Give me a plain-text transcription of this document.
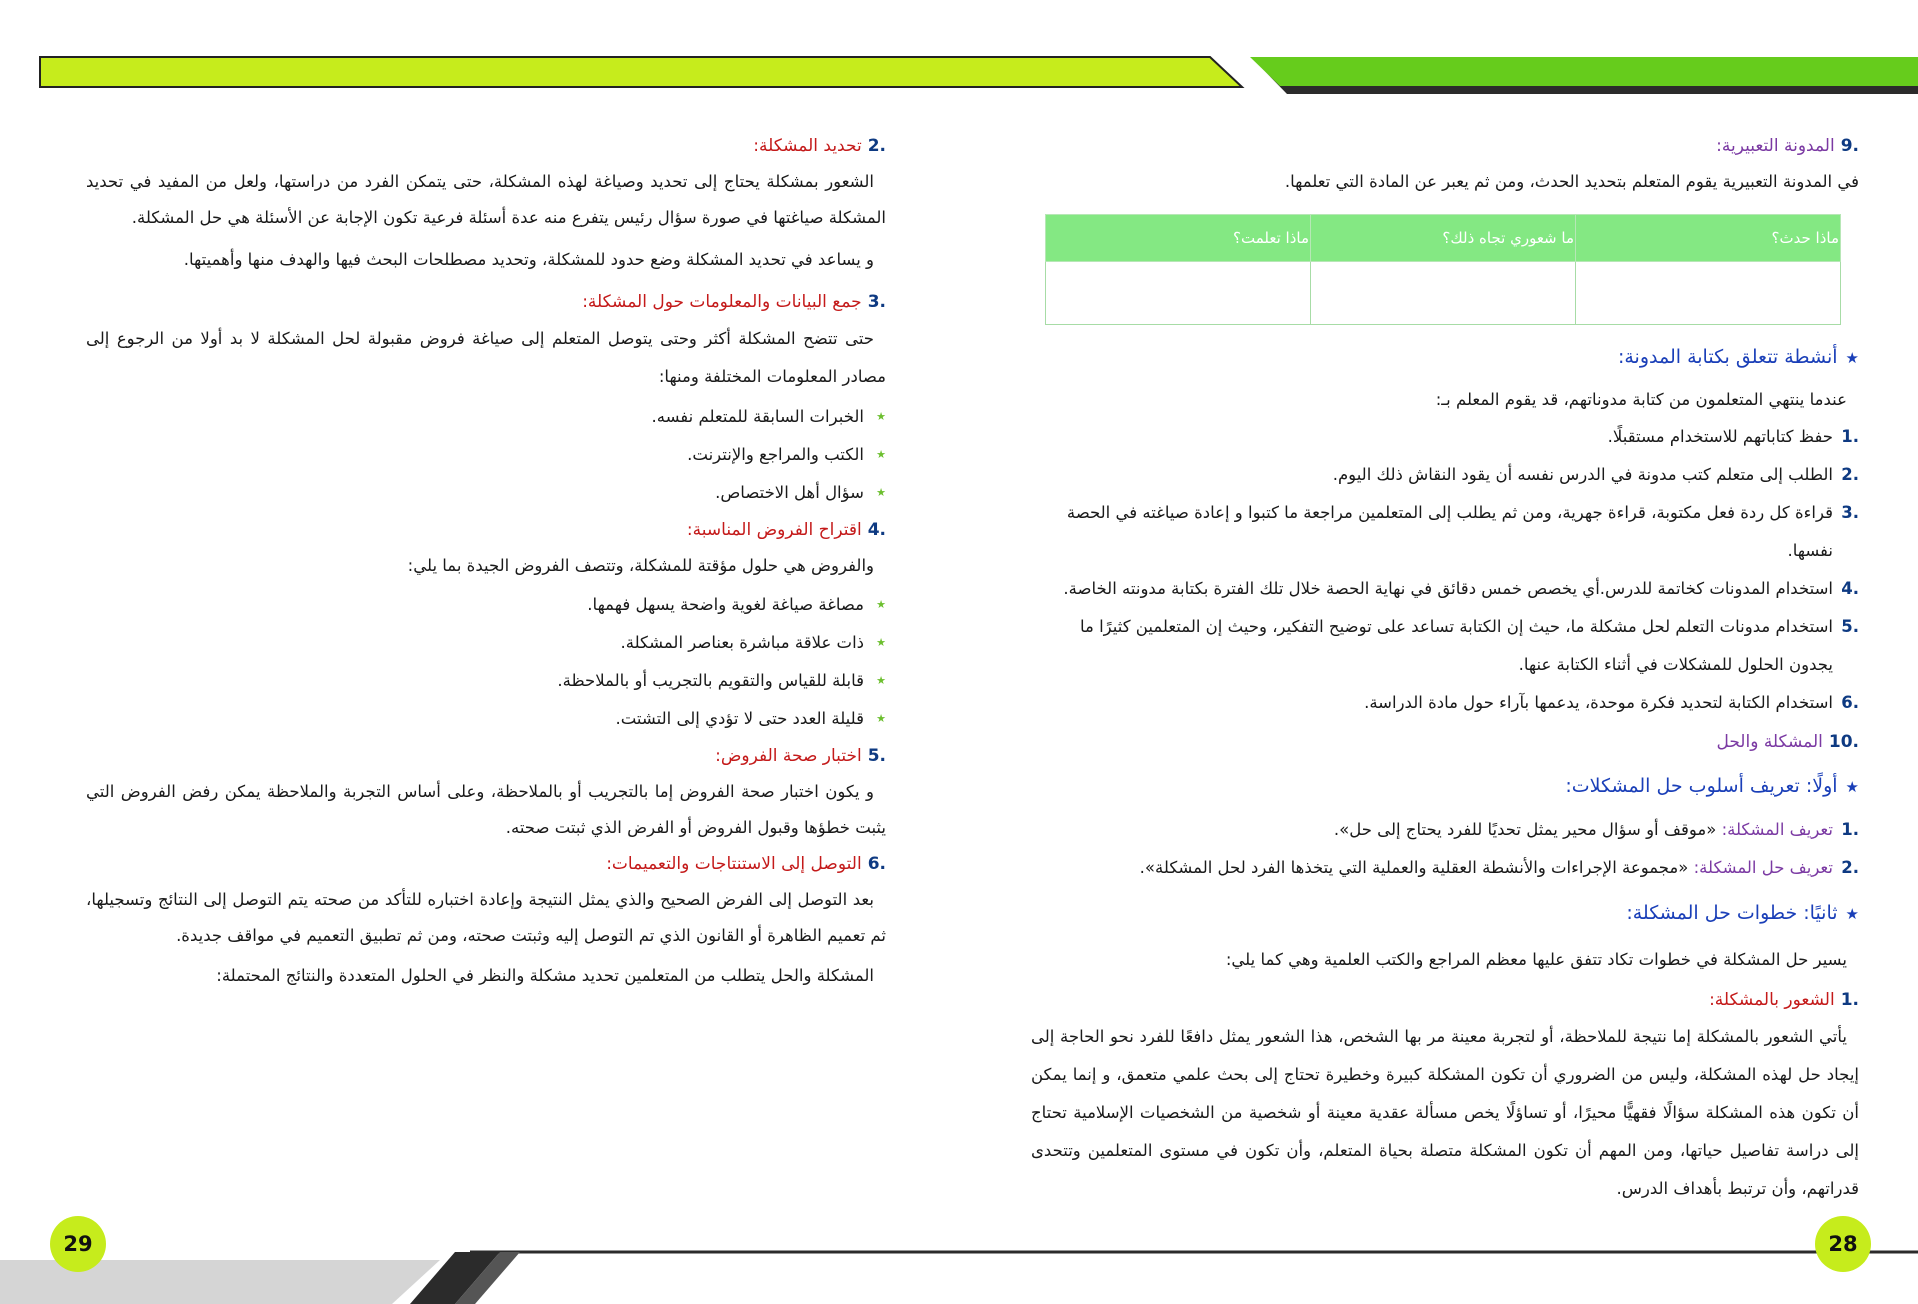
.2تحديد المشكلة:

الشعور بمشكلة يحتاج إلى تحديد وصياغة لهذه المشكلة، حتى يتمكن الفرد من دراستها، ولعل من المفيد في تحديد المشكلة صياغتها في صورة سؤال رئيس يتفرع منه عدة أسئلة فرعية تكون الإجابة عن الأسئلة هي حل المشكلة.

و يساعد في تحديد المشكلة وضع حدود للمشكلة، وتحديد مصطلحات البحث فيها والهدف منها وأهميتها.

.3جمع البيانات والمعلومات حول المشكلة:

حتى تتضح المشكلة أكثر وحتى يتوصل المتعلم إلى صياغة فروض مقبولة لحل المشكلة لا بد أولا من الرجوع إلى مصادر المعلومات المختلفة ومنها:

★ الخبرات السابقة للمتعلم نفسه.
★ الكتب والمراجع والإنترنت.
★ سؤال أهل الاختصاص.

.4اقتراح الفروض المناسبة:

والفروض هي حلول مؤقتة للمشكلة، وتتصف الفروض الجيدة بما يلي:

★ مصاغة صياغة لغوية واضحة يسهل فهمها.
★ ذات علاقة مباشرة بعناصر المشكلة.
★ قابلة للقياس والتقويم بالتجريب أو بالملاحظة.
★ قليلة العدد حتى لا تؤدي إلى التشتت.

.5اختبار صحة الفروض:

و يكون اختبار صحة الفروض إما بالتجريب أو بالملاحظة، وعلى أساس التجربة والملاحظة يمكن رفض الفروض التي يثبت خطؤها وقبول الفروض أو الفرض الذي ثبتت صحته.

.6التوصل إلى الاستنتاجات والتعميمات:

بعد التوصل إلى الفرض الصحيح والذي يمثل النتيجة وإعادة اختباره للتأكد من صحته يتم التوصل إلى النتائج وتسجيلها، ثم تعميم الظاهرة أو القانون الذي تم التوصل إليه وثبتت صحته، ومن ثم تطبيق التعميم في مواقف جديدة.

المشكلة والحل يتطلب من المتعلمين تحديد مشكلة والنظر في الحلول المتعددة والنتائج المحتملة:

29

.9المدونة التعبيرية:

في المدونة التعبيرية يقوم المتعلم بتحديد الحدث، ومن ثم يعبر عن المادة التي تعلمها.

ماذا حدث؟	ما شعوري تجاه ذلك؟	ماذا تعلمت؟

★أنشطة تتعلق بكتابة المدونة:

عندما ينتهي المتعلمون من كتابة مدوناتهم، قد يقوم المعلم بـ:

.1
حفظ كتاباتهم للاستخدام مستقبلًا.
.2
الطلب إلى متعلم كتب مدونة في الدرس نفسه أن يقود النقاش ذلك اليوم.
.3
قراءة كل ردة فعل مكتوبة، قراءة جهرية، ومن ثم يطلب إلى المتعلمين مراجعة ما كتبوا و إعادة صياغته في الحصة نفسها.
.4
استخدام المدونات كخاتمة للدرس.أي يخصص خمس دقائق في نهاية الحصة خلال تلك الفترة بكتابة مدونته الخاصة.
.5
استخدام مدونات التعلم لحل مشكلة ما، حيث إن الكتابة تساعد على توضيح التفكير، وحيث إن المتعلمين كثيرًا ما يجدون الحلول للمشكلات في أثناء الكتابة عنها.
.6
استخدام الكتابة لتحديد فكرة موحدة، يدعمها بآراء حول مادة الدراسة.

.10المشكلة والحل

★أولًا: تعريف أسلوب حل المشكلات:

.1
تعريف المشكلة: «موقف أو سؤال محير يمثل تحديًا للفرد يحتاج إلى حل».
.2
تعريف حل المشكلة: «مجموعة الإجراءات والأنشطة العقلية والعملية التي يتخذها الفرد لحل المشكلة».

★ثانيًا: خطوات حل المشكلة:

يسير حل المشكلة في خطوات تكاد تتفق عليها معظم المراجع والكتب العلمية وهي كما يلي:

.1الشعور بالمشكلة:

يأتي الشعور بالمشكلة إما نتيجة للملاحظة، أو لتجربة معينة مر بها الشخص، هذا الشعور يمثل دافعًا للفرد نحو الحاجة إلى إيجاد حل لهذه المشكلة، وليس من الضروري أن تكون المشكلة كبيرة وخطيرة تحتاج إلى بحث علمي متعمق، و إنما يمكن أن تكون هذه المشكلة سؤالًا فقهيًّا محيرًا، أو تساؤلًا يخص مسألة عقدية معينة أو شخصية من الشخصيات الإسلامية تحتاج إلى دراسة تفاصيل حياتها، ومن المهم أن تكون المشكلة متصلة بحياة المتعلم، وأن تكون في مستوى المتعلمين وتتحدى قدراتهم، وأن ترتبط بأهداف الدرس.

28
